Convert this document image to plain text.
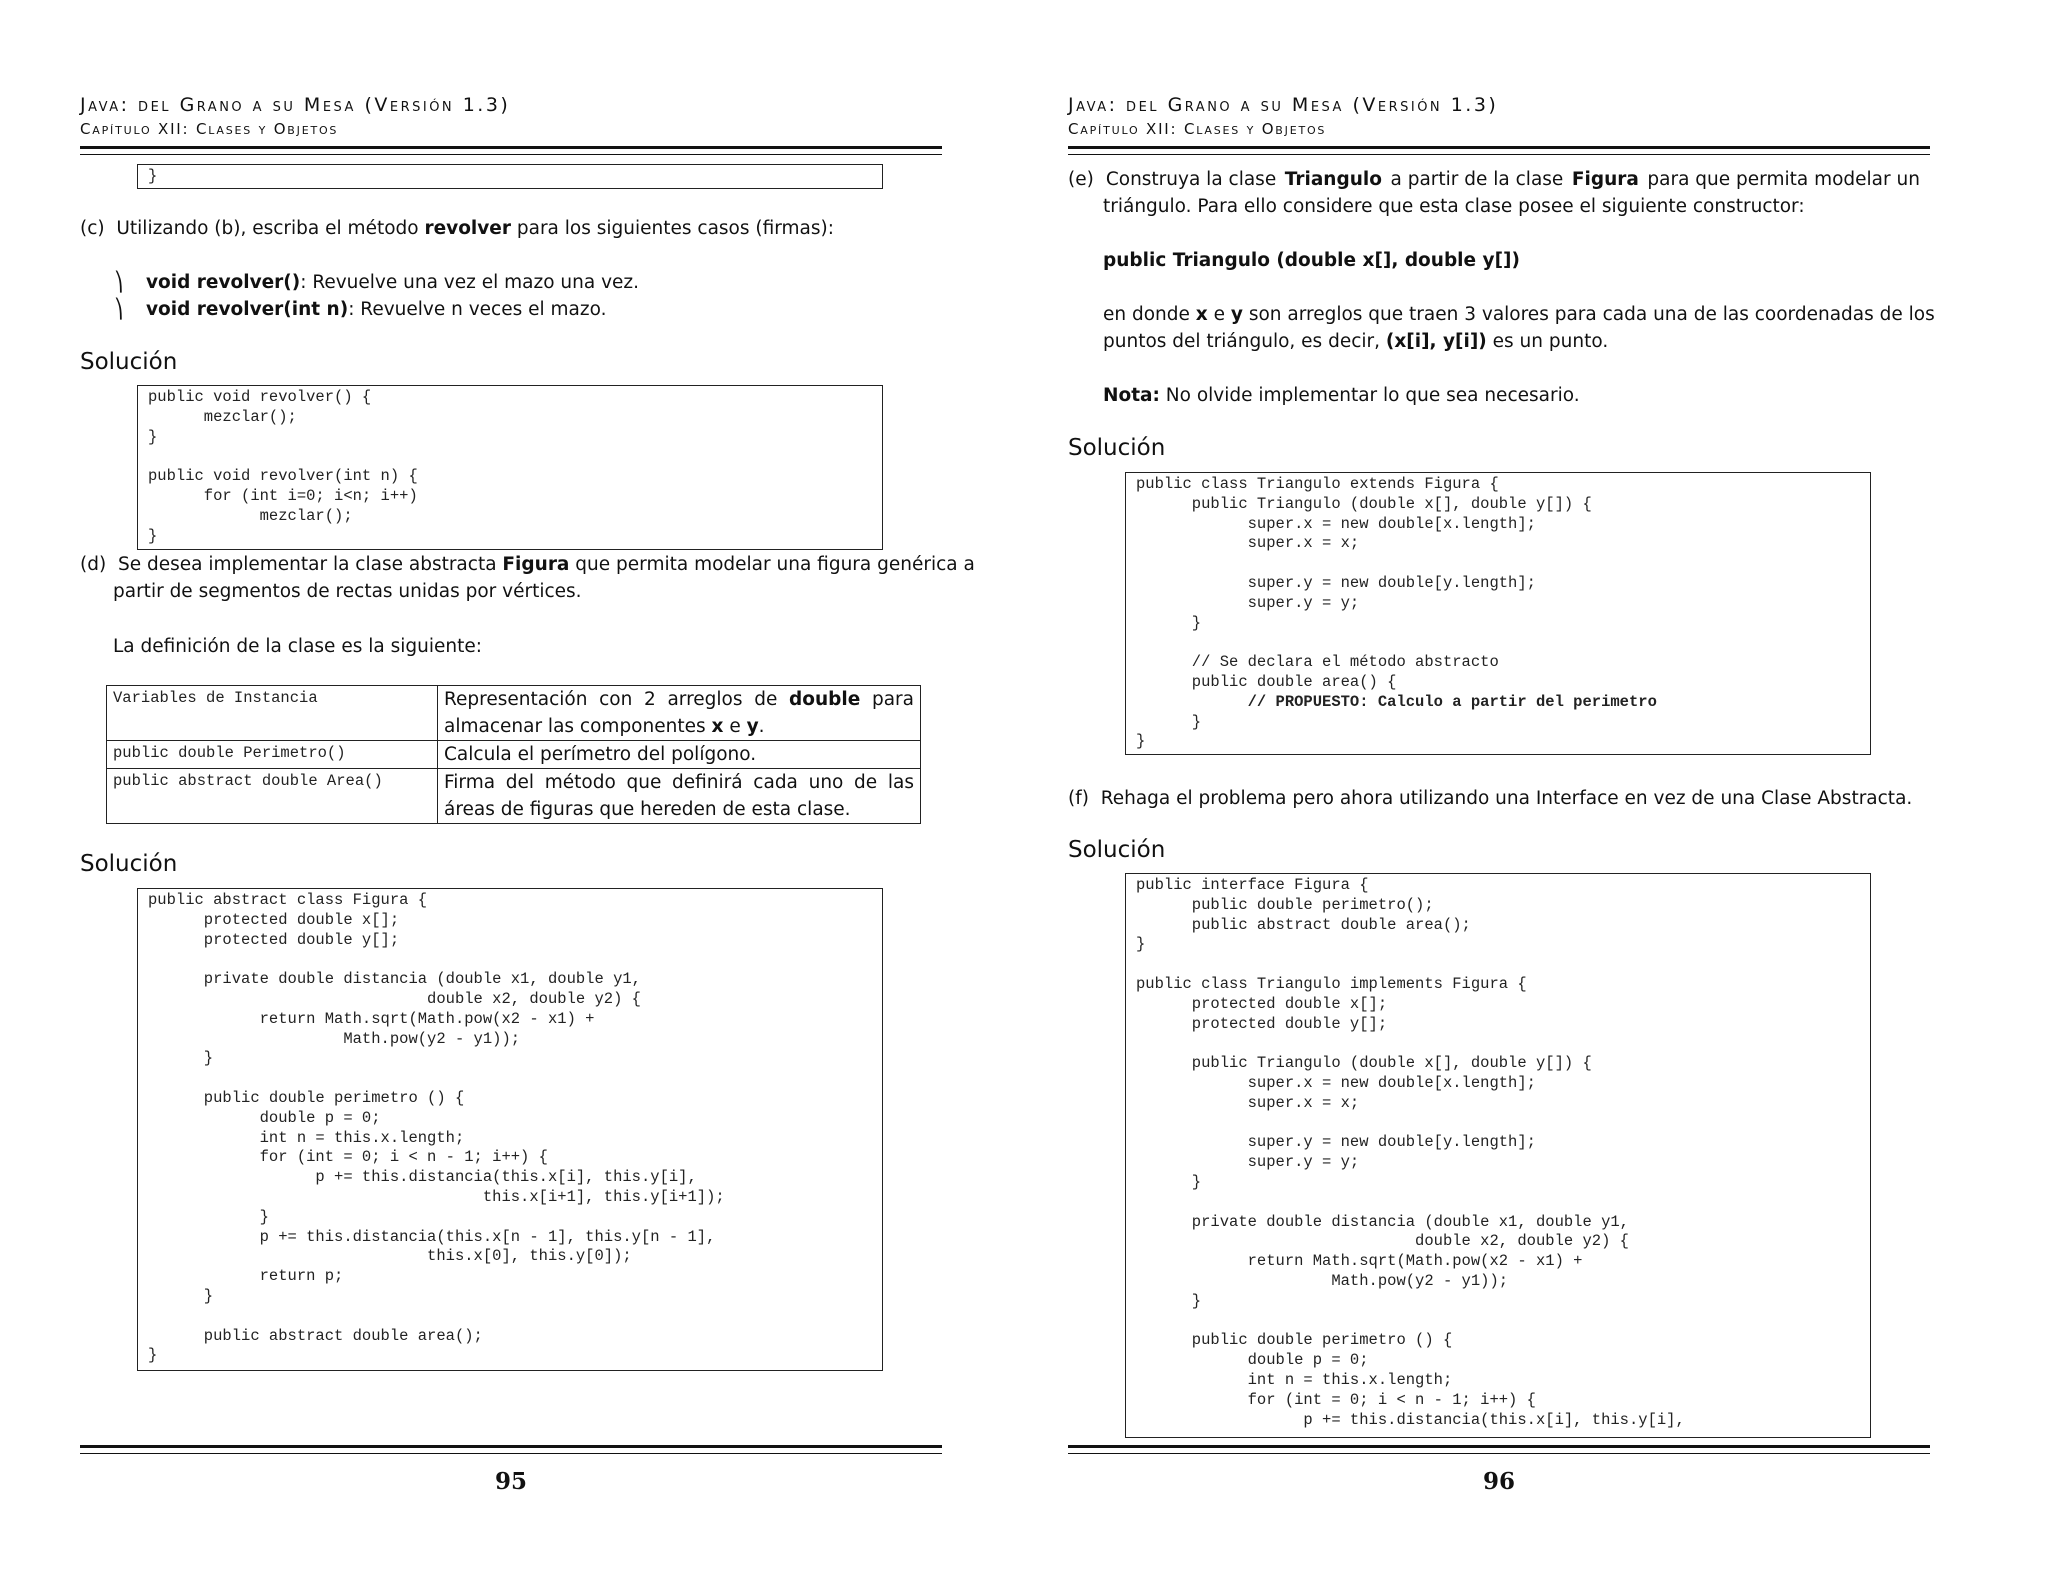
Java: del Grano a su Mesa (Versión 1.3)
Capítulo XII: Clases y Objetos
}
(c) Utilizando (b), escriba el método revolver para los siguientes casos (firmas):
⎞ void revolver(): Revuelve una vez el mazo una vez.
⎞ void revolver(int n): Revuelve n veces el mazo.
Solución
public void revolver() {
mezclar();
}

public void revolver(int n) {
for (int i=0; i<n; i++)
mezclar();
}
(d) Se desea implementar la clase abstracta Figura que permita modelar una figura genérica a
partir de segmentos de rectas unidas por vértices.
La definición de la clase es la siguiente:
Variables de Instancia	Representación con 2 arreglos de double para almacenar las componentes x e y.
public double Perimetro()	Calcula el perímetro del polígono.
public abstract double Area()	Firma del método que definirá cada uno de las áreas de figuras que hereden de esta clase.
Solución
public abstract class Figura {
protected double x[];
protected double y[];

private double distancia (double x1, double y1,
double x2, double y2) {
return Math.sqrt(Math.pow(x2 - x1) +
Math.pow(y2 - y1));
}

public double perimetro () {
double p = 0;
int n = this.x.length;
for (int = 0; i < n - 1; i++) {
p += this.distancia(this.x[i], this.y[i],
this.x[i+1], this.y[i+1]);
}
p += this.distancia(this.x[n - 1], this.y[n - 1],
this.x[0], this.y[0]);
return p;
}

public abstract double area();
}
95
Java: del Grano a su Mesa (Versión 1.3)
Capítulo XII: Clases y Objetos
(e) Construya la clase Triangulo a partir de la clase Figura para que permita modelar un
triángulo. Para ello considere que esta clase posee el siguiente constructor:
public Triangulo (double x[], double y[])
en donde x e y son arreglos que traen 3 valores para cada una de las coordenadas de los
puntos del triángulo, es decir, (x[i], y[i]) es un punto.
Nota: No olvide implementar lo que sea necesario.
Solución
public class Triangulo extends Figura {
public Triangulo (double x[], double y[]) {
super.x = new double[x.length];
super.x = x;

super.y = new double[y.length];
super.y = y;
}

// Se declara el método abstracto
public double area() {
// PROPUESTO: Calculo a partir del perimetro
}
}
(f) Rehaga el problema pero ahora utilizando una Interface en vez de una Clase Abstracta.
Solución
public interface Figura {
public double perimetro();
public abstract double area();
}

public class Triangulo implements Figura {
protected double x[];
protected double y[];

public Triangulo (double x[], double y[]) {
super.x = new double[x.length];
super.x = x;

super.y = new double[y.length];
super.y = y;
}

private double distancia (double x1, double y1,
double x2, double y2) {
return Math.sqrt(Math.pow(x2 - x1) +
Math.pow(y2 - y1));
}

public double perimetro () {
double p = 0;
int n = this.x.length;
for (int = 0; i < n - 1; i++) {
p += this.distancia(this.x[i], this.y[i],
96
